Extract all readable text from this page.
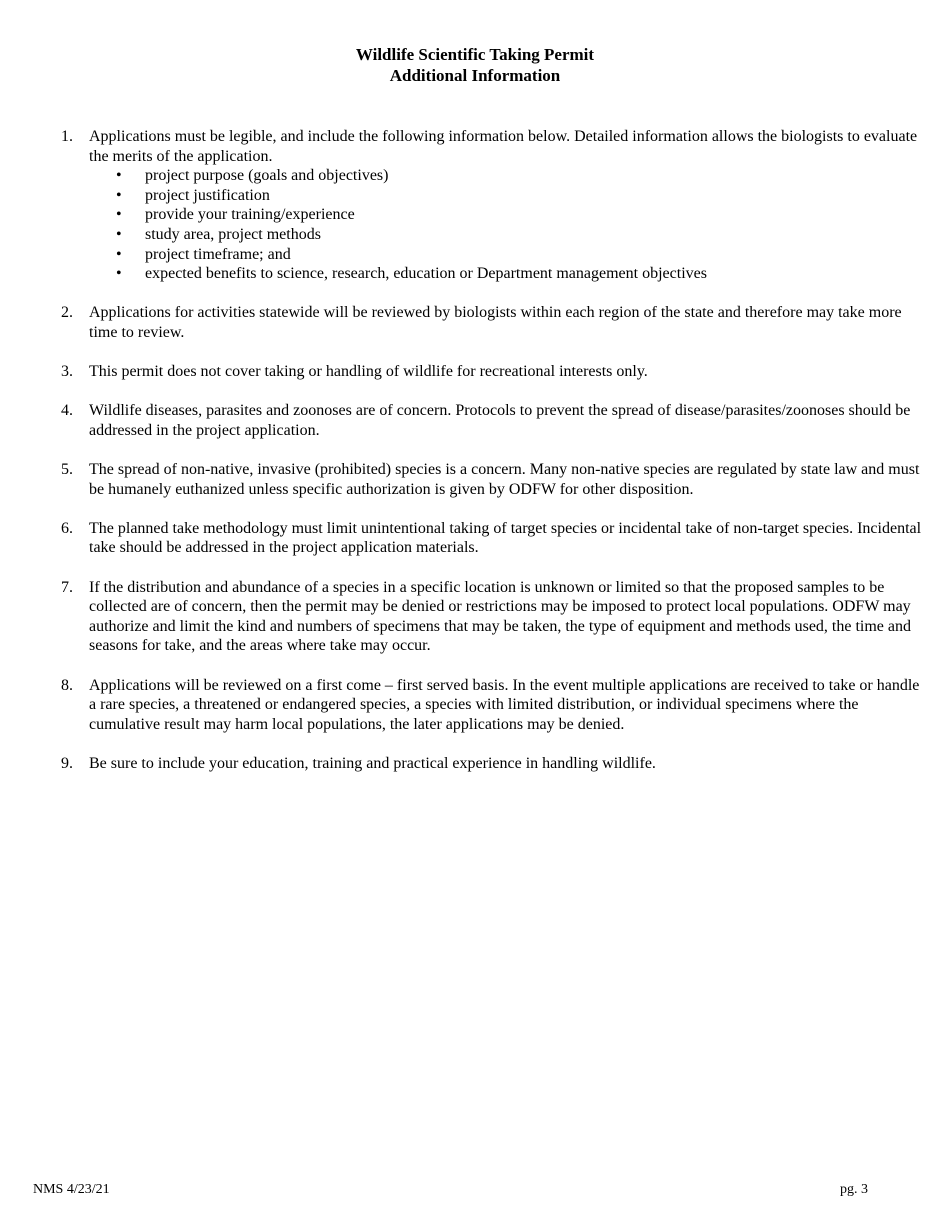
Wildlife Scientific Taking Permit
Additional Information
1. Applications must be legible, and include the following information below. Detailed information allows the biologists to evaluate the merits of the application.
• project purpose (goals and objectives)
• project justification
• provide your training/experience
• study area, project methods
• project timeframe; and
• expected benefits to science, research, education or Department management objectives
2. Applications for activities statewide will be reviewed by biologists within each region of the state and therefore may take more time to review.
3. This permit does not cover taking or handling of wildlife for recreational interests only.
4. Wildlife diseases, parasites and zoonoses are of concern. Protocols to prevent the spread of disease/parasites/zoonoses should be addressed in the project application.
5. The spread of non-native, invasive (prohibited) species is a concern. Many non-native species are regulated by state law and must be humanely euthanized unless specific authorization is given by ODFW for other disposition.
6. The planned take methodology must limit unintentional taking of target species or incidental take of non-target species. Incidental take should be addressed in the project application materials.
7. If the distribution and abundance of a species in a specific location is unknown or limited so that the proposed samples to be collected are of concern, then the permit may be denied or restrictions may be imposed to protect local populations. ODFW may authorize and limit the kind and numbers of specimens that may be taken, the type of equipment and methods used, the time and seasons for take, and the areas where take may occur.
8. Applications will be reviewed on a first come – first served basis. In the event multiple applications are received to take or handle a rare species, a threatened or endangered species, a species with limited distribution, or individual specimens where the cumulative result may harm local populations, the later applications may be denied.
9. Be sure to include your education, training and practical experience in handling wildlife.
NMS 4/23/21	pg. 3
